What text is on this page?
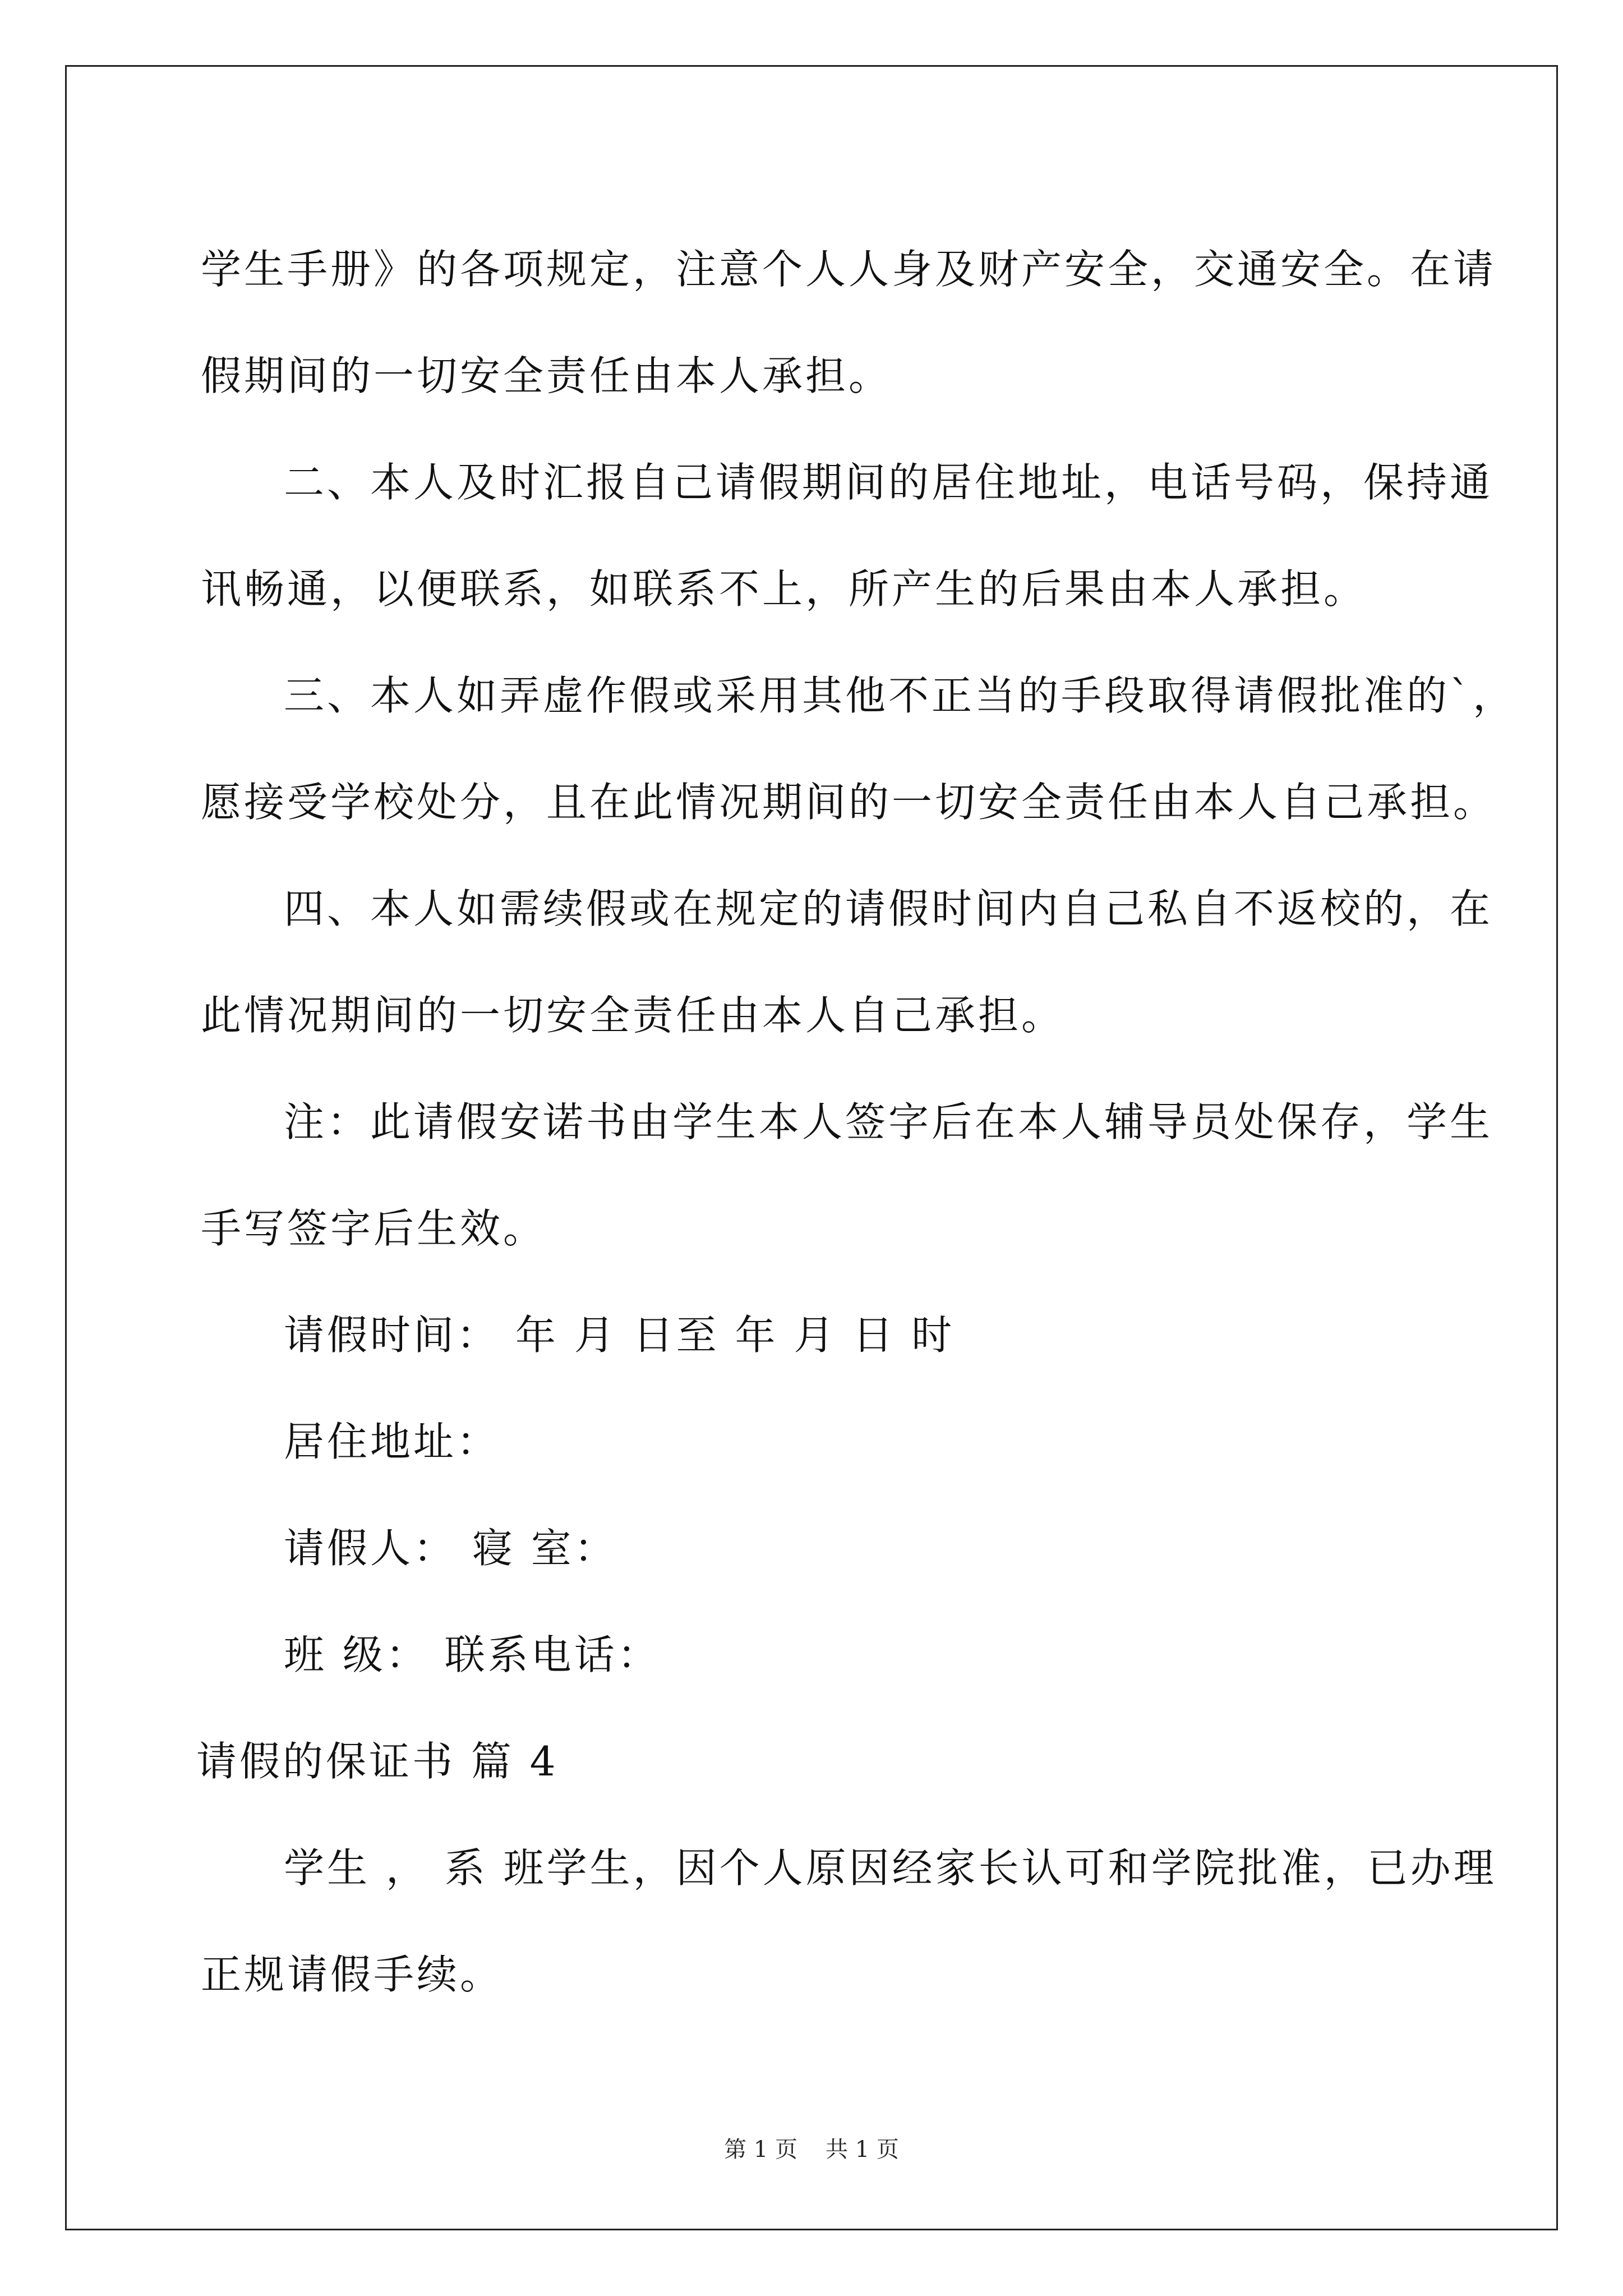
学生手册》的各项规定，注意个人人身及财产安全，交通安全。在请
假期间的一切安全责任由本人承担。
二、本人及时汇报自己请假期间的居住地址，电话号码，保持通
讯畅通，以便联系，如联系不上，所产生的后果由本人承担。
三、本人如弄虚作假或采用其他不正当的手段取得请假批准的`，
愿接受学校处分，且在此情况期间的一切安全责任由本人自己承担。
四、本人如需续假或在规定的请假时间内自己私自不返校的，在
此情况期间的一切安全责任由本人自己承担。
注：此请假安诺书由学生本人签字后在本人辅导员处保存，学生
手写签字后生效。
请假时间： 年 月 日至 年 月 日 时
居住地址：
请假人： 寝 室：
班 级： 联系电话：
请假的保证书 篇 4
学生 ， 系 班学生，因个人原因经家长认可和学院批准，已办理
正规请假手续。
第 1 页 共 1 页
